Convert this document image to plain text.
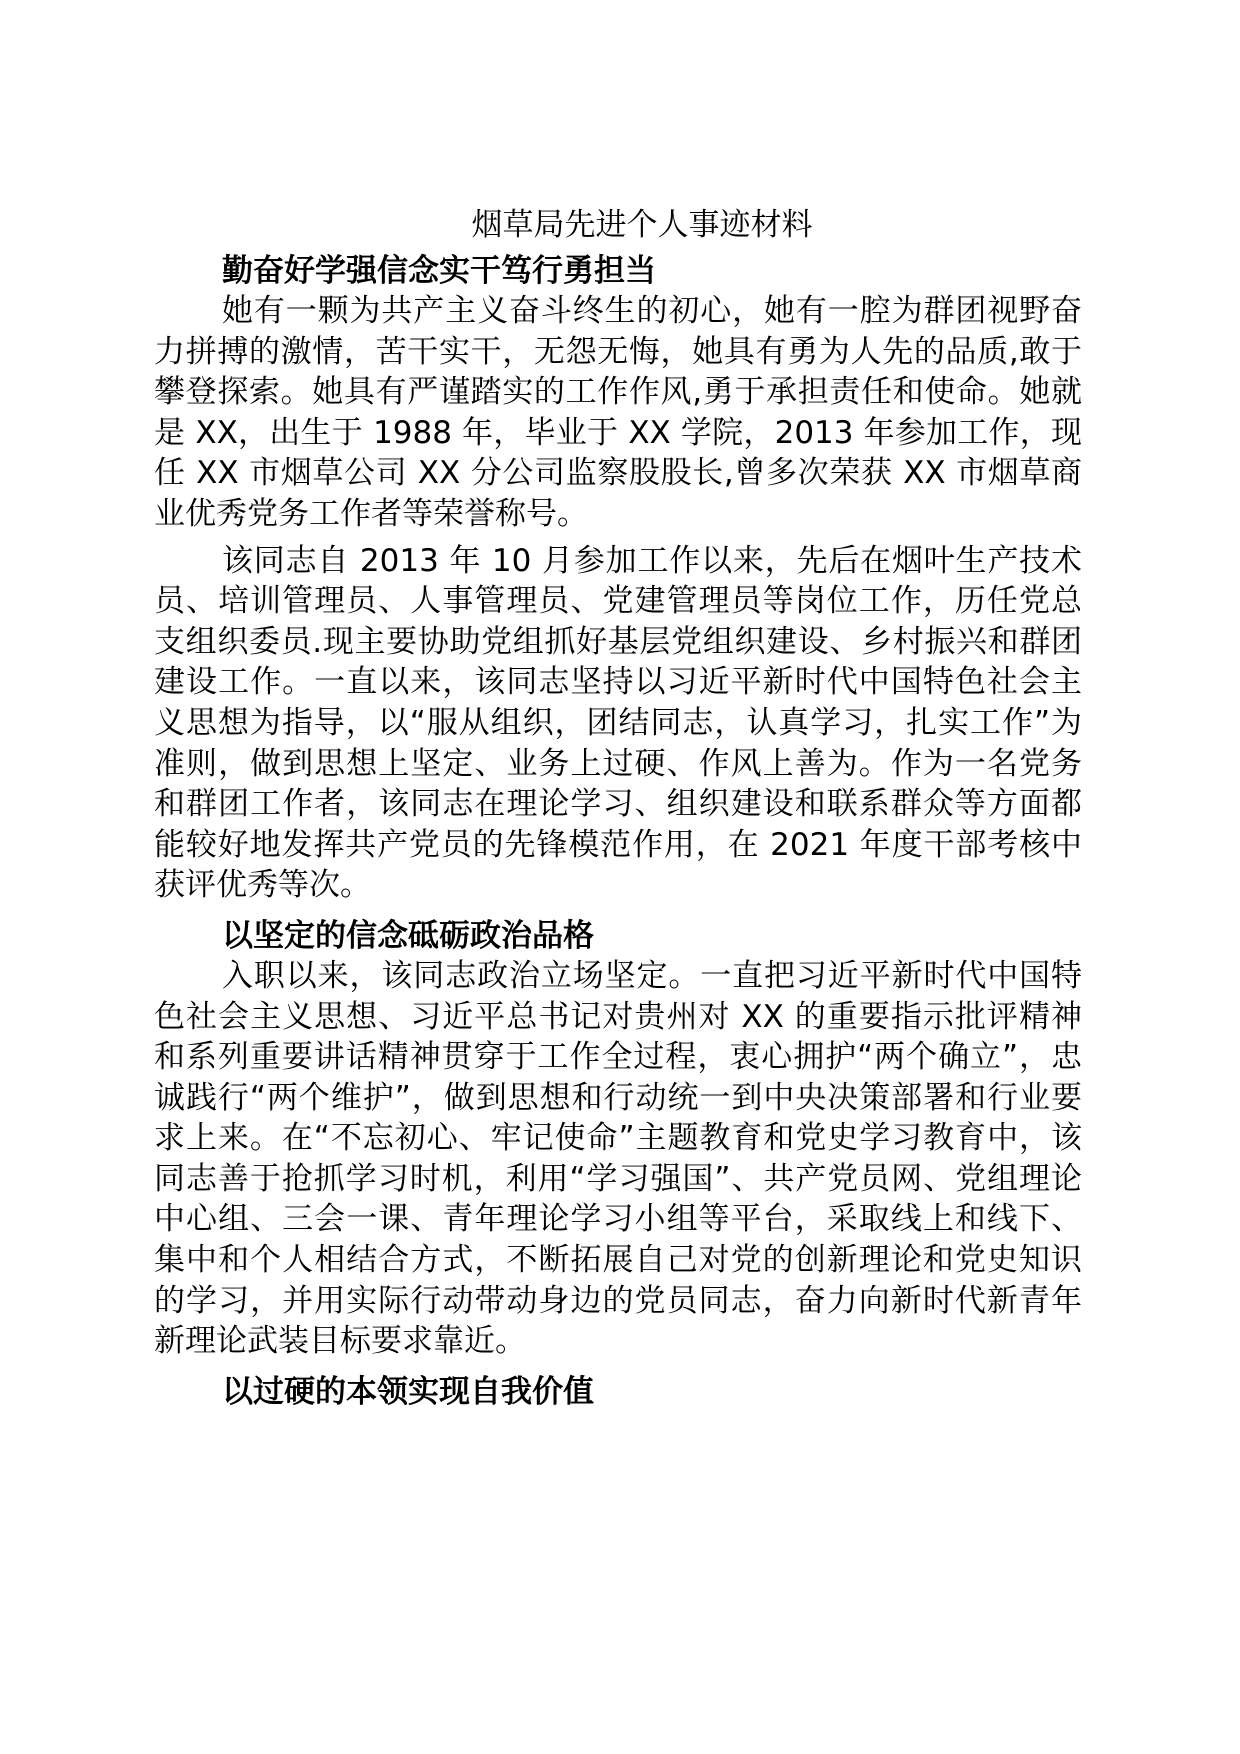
烟草局先进个人事迹材料
勤奋好学强信念实干笃行勇担当

她有一颗为共产主义奋斗终生的初心，她有一腔为群团视野奋力拼搏的激情，苦干实干，无怨无悔，她具有勇为人先的品质,敢于攀登探索。她具有严谨踏实的工作作风,勇于承担责任和使命。她就是 XX，出生于 1988 年，毕业于 XX 学院，2013 年参加工作，现任 XX 市烟草公司 XX 分公司监察股股长,曾多次荣获 XX 市烟草商业优秀党务工作者等荣誉称号。

该同志自 2013 年 10 月参加工作以来，先后在烟叶生产技术员、培训管理员、人事管理员、党建管理员等岗位工作，历任党总支组织委员.现主要协助党组抓好基层党组织建设、乡村振兴和群团建设工作。一直以来，该同志坚持以习近平新时代中国特色社会主义思想为指导，以“服从组织，团结同志，认真学习，扎实工作”为准则，做到思想上坚定、业务上过硬、作风上善为。作为一名党务和群团工作者，该同志在理论学习、组织建设和联系群众等方面都能较好地发挥共产党员的先锋模范作用，在 2021 年度干部考核中获评优秀等次。

以坚定的信念砥砺政治品格

入职以来，该同志政治立场坚定。一直把习近平新时代中国特色社会主义思想、习近平总书记对贵州对 XX 的重要指示批评精神和系列重要讲话精神贯穿于工作全过程，衷心拥护“两个确立”，忠诚践行“两个维护”，做到思想和行动统一到中央决策部署和行业要求上来。在“不忘初心、牢记使命”主题教育和党史学习教育中，该同志善于抢抓学习时机，利用“学习强国”、共产党员网、党组理论中心组、三会一课、青年理论学习小组等平台，采取线上和线下、集中和个人相结合方式，不断拓展自己对党的创新理论和党史知识的学习，并用实际行动带动身边的党员同志，奋力向新时代新青年新理论武装目标要求靠近。

以过硬的本领实现自我价值
